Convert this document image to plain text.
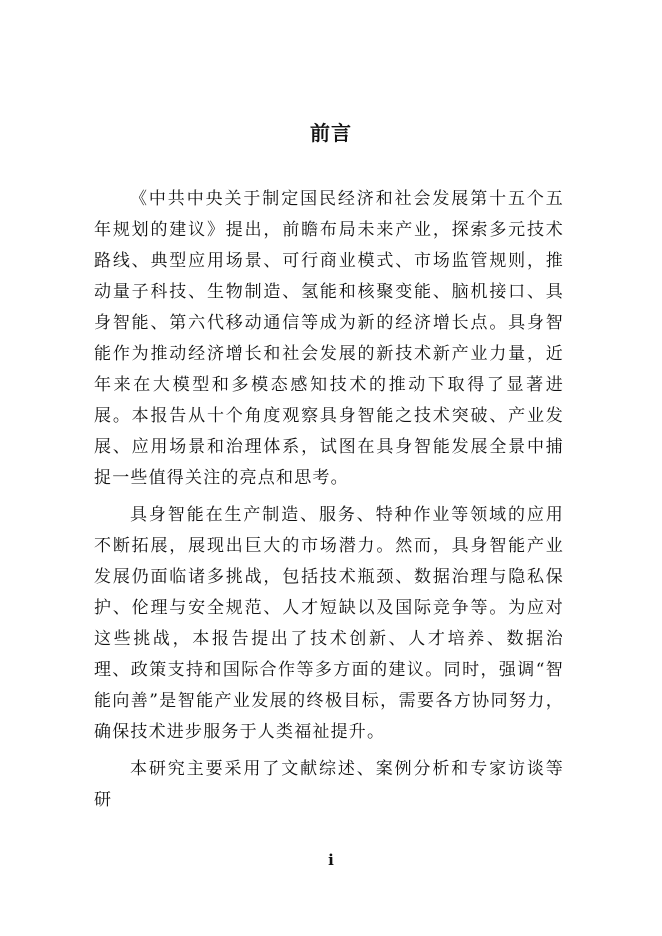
前言

《中共中央关于制定国民经济和社会发展第十五个五年规划的建议》提出，前瞻布局未来产业，探索多元技术路线、典型应用场景、可行商业模式、市场监管规则，推动量子科技、生物制造、氢能和核聚变能、脑机接口、具身智能、第六代移动通信等成为新的经济增长点。具身智能作为推动经济增长和社会发展的新技术新产业力量，近年来在大模型和多模态感知技术的推动下取得了显著进展。本报告从十个角度观察具身智能之技术突破、产业发展、应用场景和治理体系，试图在具身智能发展全景中捕捉一些值得关注的亮点和思考。

具身智能在生产制造、服务、特种作业等领域的应用不断拓展，展现出巨大的市场潜力。然而，具身智能产业发展仍面临诸多挑战，包括技术瓶颈、数据治理与隐私保护、伦理与安全规范、人才短缺以及国际竞争等。为应对这些挑战，本报告提出了技术创新、人才培养、数据治理、政策支持和国际合作等多方面的建议。同时，强调“智能向善”是智能产业发展的终极目标，需要各方协同努力，确保技术进步服务于人类福祉提升。

本研究主要采用了文献综述、案例分析和专家访谈等研

i
